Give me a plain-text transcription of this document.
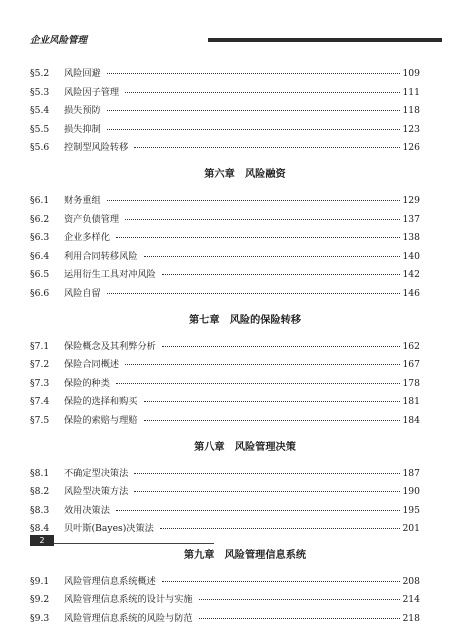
企业风险管理
§5.2	风险回避	109
§5.3	风险因子管理	111
§5.4	损失预防	118
§5.5	损失抑制	123
§5.6	控制型风险转移	126
第六章　风险融资
§6.1	财务重组	129
§6.2	资产负债管理	137
§6.3	企业多样化	138
§6.4	利用合同转移风险	140
§6.5	运用衍生工具对冲风险	142
§6.6	风险自留	146
第七章　风险的保险转移
§7.1	保险概念及其利弊分析	162
§7.2	保险合同概述	167
§7.3	保险的种类	178
§7.4	保险的选择和购买	181
§7.5	保险的索赔与理赔	184
第八章　风险管理决策
§8.1	不确定型决策法	187
§8.2	风险型决策方法	190
§8.3	效用决策法	195
§8.4	贝叶斯(Bayes)决策法	201
第九章　风险管理信息系统
§9.1	风险管理信息系统概述	208
§9.2	风险管理信息系统的设计与实施	214
§9.3	风险管理信息系统的风险与防范	218
2
